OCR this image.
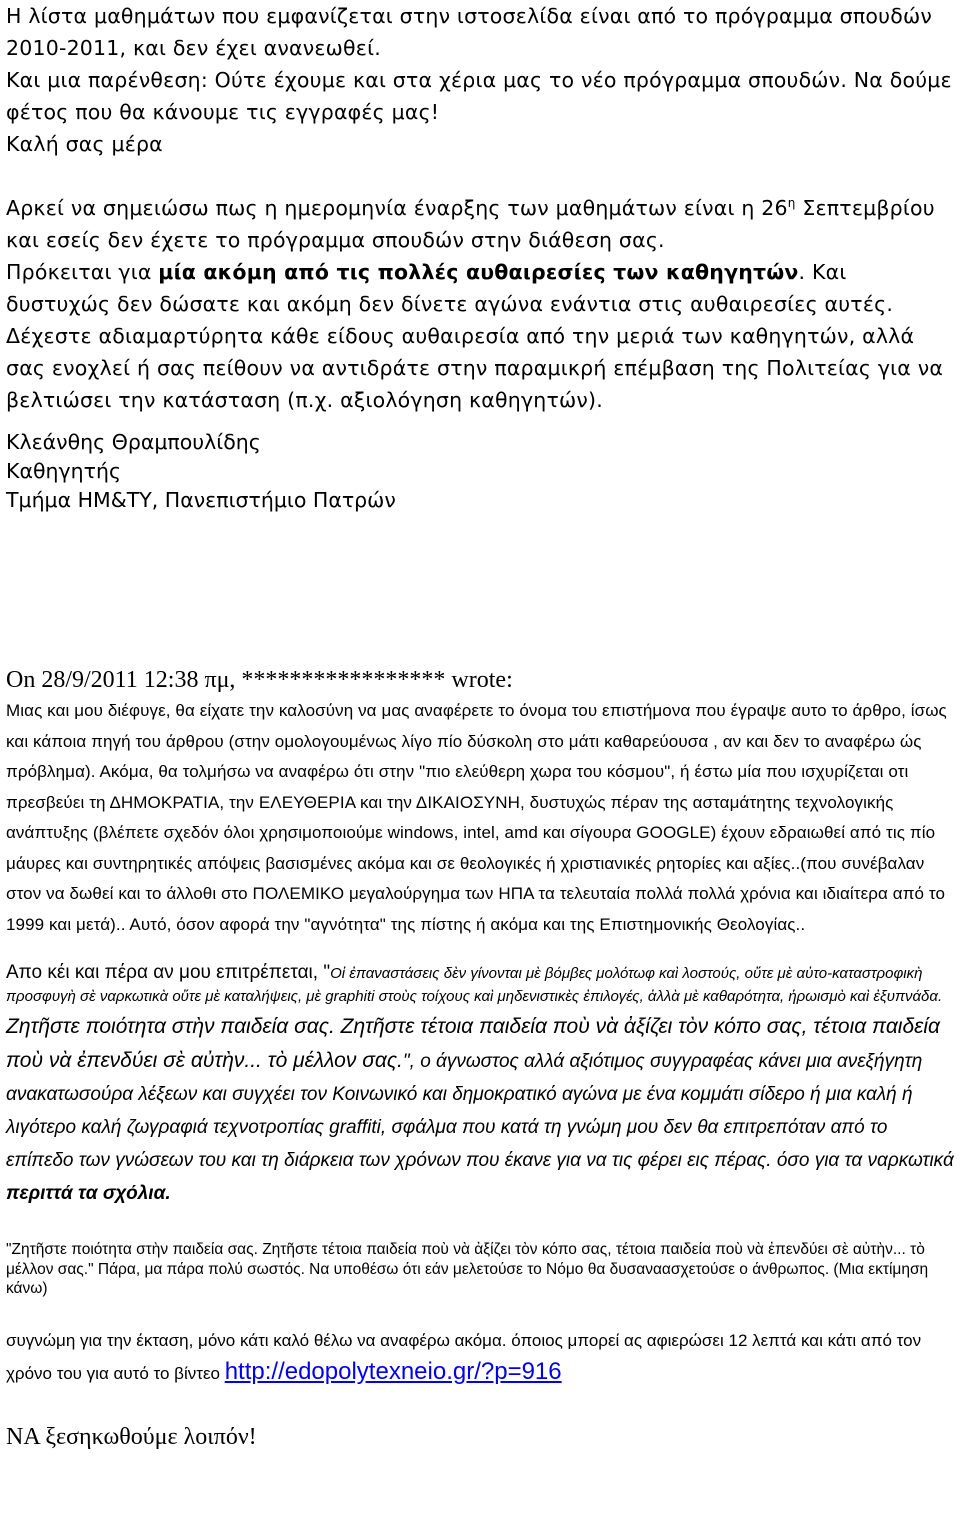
Η λίστα μαθημάτων που εμφανίζεται στην ιστοσελίδα είναι από το πρόγραμμα σπουδών 2010-2011, και δεν έχει ανανεωθεί.

Και μια παρένθεση: Ούτε έχουμε και στα χέρια μας το νέο πρόγραμμα σπουδών. Να δούμε φέτος που θα κάνουμε τις εγγραφές μας!

Καλή σας μέρα

Αρκεί να σημειώσω πως η ημερομηνία έναρξης των μαθημάτων είναι η $26^\eta$ Σεπτεμβρίου και εσείς δεν έχετε το πρόγραμμα σπουδών στην διάθεση σας.

Πρόκειται για μία ακόμη από τις πολλές αυθαιρεσίες των καθηγητών. Και δυστυχώς δεν δώσατε και ακόμη δεν δίνετε αγώνα ενάντια στις αυθαιρεσίες αυτές.

Δέχεστε αδιαμαρτύρητα κάθε είδους αυθαιρεσία από την μεριά των καθηγητών, αλλά σας ενοχλεί ή σας πείθουν να αντιδράτε στην παραμικρή επέμβαση της Πολιτείας για να βελτιώσει την κατάσταση (π.χ. αξιολόγηση καθηγητών).

Κλεάνθης Θραμπουλίδης
Καθηγητής
Τμήμα ΗΜ&ΤΥ, Πανεπιστήμιο Πατρών
On 28/9/2011 12:38 πμ, ***************** wrote:
Μιας και μου διέφυγε, θα είχατε την καλοσύνη να μας αναφέρετε το όνομα του επιστήμονα που έγραψε αυτο το άρθρο, ίσως και κάποια πηγή του άρθρου (στην ομολογουμένως λίγο πίο δύσκολη στο μάτι καθαρεύουσα , αν και δεν το αναφέρω ώς πρόβλημα). Ακόμα, θα τολμήσω να αναφέρω ότι στην "πιο ελεύθερη χωρα του κόσμου", ή έστω μία που ισχυρίζεται οτι πρεσβεύει τη ΔΗΜΟΚΡΑΤΙΑ, την ΕΛΕΥΘΕΡΙΑ και την ΔΙΚΑΙΟΣΥΝΗ, δυστυχώς πέραν της ασταμάτητης τεχνολογικής ανάπτυξης (βλέπετε σχεδόν όλοι χρησιμοποιούμε windows, intel, amd και σίγουρα GOOGLE) έχουν εδραιωθεί από τις πίο μάυρες και συντηρητικές απόψεις βασισμένες ακόμα και σε θεολογικές ή χριστιανικές ρητορίες και αξίες..(που συνέβαλαν στον να δωθεί και το άλλοθι στο ΠΟΛΕΜΙΚΟ μεγαλούργημα των ΗΠΑ τα τελευταία πολλά πολλά χρόνια και ιδιαίτερα από το 1999 και μετά).. Αυτό, όσον αφορά την "αγνότητα" της πίστης ή ακόμα και της Επιστημονικής Θεολογίας..
Απο κέι και πέρα αν μου επιτρέπεται, "Οἱ ἐπαναστάσεις δὲν γίνονται μὲ βόμβες μολότωφ καὶ λοστούς, οὔτε μὲ αὐτο-καταστροφικὴ προσφυγὴ σὲ ναρκωτικὰ οὔτε μὲ καταλήψεις, μὲ graphiti στοὺς τοίχους καὶ μηδενιστικὲς ἐπιλογές, ἀλλὰ μὲ καθαρότητα, ἡρωισμὸ καὶ ἐξυπνάδα.
Ζητῆστε ποιότητα στὴν παιδεία σας. Ζητῆστε τέτοια παιδεία ποὺ νὰ ἀξίζει τὸν κόπο σας, τέτοια παιδεία ποὺ νὰ ἐπενδύει σὲ αὐτὴν... τὸ μέλλον σας.", ο άγνωστος αλλά αξιότιμος συγγραφέας κάνει μια ανεξήγητη ανακατωσούρα λέξεων και συγχέει τον Κοινωνικό και δημοκρατικό αγώνα με ένα κομμάτι σίδερο ή μια καλή ή λιγότερο καλή ζωγραφιά τεχνοτροπίας graffiti, σφάλμα που κατά τη γνώμη μου δεν θα επιτρεπόταν από το επίπεδο των γνώσεων του και τη διάρκεια των χρόνων που έκανε για να τις φέρει εις πέρας. όσο για τα ναρκωτικά περιττά τα σχόλια.
"Ζητῆστε ποιότητα στὴν παιδεία σας. Ζητῆστε τέτοια παιδεία ποὺ νὰ ἀξίζει τὸν κόπο σας, τέτοια παιδεία ποὺ νὰ ἐπενδύει σὲ αὐτὴν... τὸ μέλλον σας." Πάρα, μα πάρα πολύ σωστός. Να υποθέσω ότι εάν μελετούσε το Νόμο θα δυσαναασχετούσε ο άνθρωπος. (Μια εκτίμηση κάνω)
συγνώμη για την έκταση, μόνο κάτι καλό θέλω να αναφέρω ακόμα. όποιος μπορεί ας αφιερώσει 12 λεπτά και κάτι από τον χρόνο του για αυτό το βίντεο http://edopolytexneio.gr/?p=916
ΝΑ ξεσηκωθούμε λοιπόν!
